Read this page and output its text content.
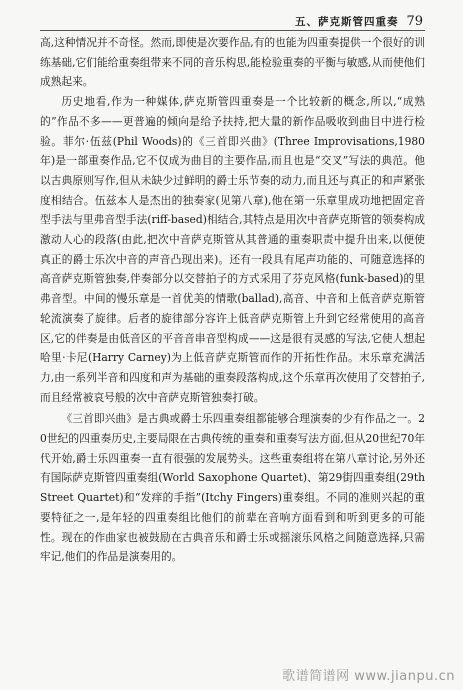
五、萨克斯管四重奏 79

高,这种情况并不奇怪。然而,即使是次要作品,有的也能为四重奏提供一个很好的训练基础,它们能给重奏组带来不同的音乐构思,能检验重奏的平衡与敏感,从而使他们成熟起来。

历史地看,作为一种媒体,萨克斯管四重奏是一个比较新的概念,所以,“成熟的”作品不多——更普遍的倾向是给予扶持,把大量的新作品吸收到曲目中进行检验。菲尔·伍兹(Phil Woods)的《三首即兴曲》(Three Improvisations,1980年)是一部重奏作品,它不仅成为曲目的主要作品,而且也是“交叉”写法的典范。他以古典原则写作,但从未缺少过鲜明的爵士乐节奏的动力,而且还与真正的和声紧张度相结合。伍兹本人是杰出的独奏家(见第八章),他在第一乐章里成功地把固定音型手法与里弗音型手法(riff-based)相结合,其特点是用次中音萨克斯管的领奏构成激动人心的段落(由此,把次中音萨克斯管从其普通的重奏职责中提升出来,以便使真正的爵士乐次中音的声音凸现出来)。还有一段具有尾声功能的、可随意选择的高音萨克斯管独奏,伴奏部分以交替拍子的方式采用了芬克风格(funk-based)的里弗音型。中间的慢乐章是一首优美的情歌(ballad),高音、中音和上低音萨克斯管轮流演奏了旋律。后者的旋律部分容许上低音萨克斯管上升到它经常使用的高音区,它的伴奏是由低音区的平音音串音型构成——这是很有灵感的写法,它使人想起哈里·卡尼(Harry Carney)为上低音萨克斯管而作的开拓性作品。末乐章充满活力,由一系列半音和四度和声为基础的重奏段落构成,这个乐章再次使用了交替拍子,而且经常被哀号般的次中音萨克斯管独奏打破。

《三首即兴曲》是古典或爵士乐四重奏组都能够合理演奏的少有作品之一。20世纪的四重奏历史,主要局限在古典传统的重奏和重奏写法方面,但从20世纪70年代开始,爵士乐四重奏一直有很强的发展势头。这些重奏组将在第八章讨论,另外还有国际萨克斯管四重奏组(World Saxophone Quartet)、第29街四重奏组(29th Street Quartet)和“发痒的手指”(Itchy Fingers)重奏组。不同的准则兴起的重要特征之一,是年轻的四重奏组比他们的前辈在音响方面看到和听到更多的可能性。现在的作曲家也被鼓励在古典音乐和爵士乐或摇滚乐风格之间随意选择,只需牢记,他们的作品是演奏用的。

歌谱简谱网 www.jianpu.cn
